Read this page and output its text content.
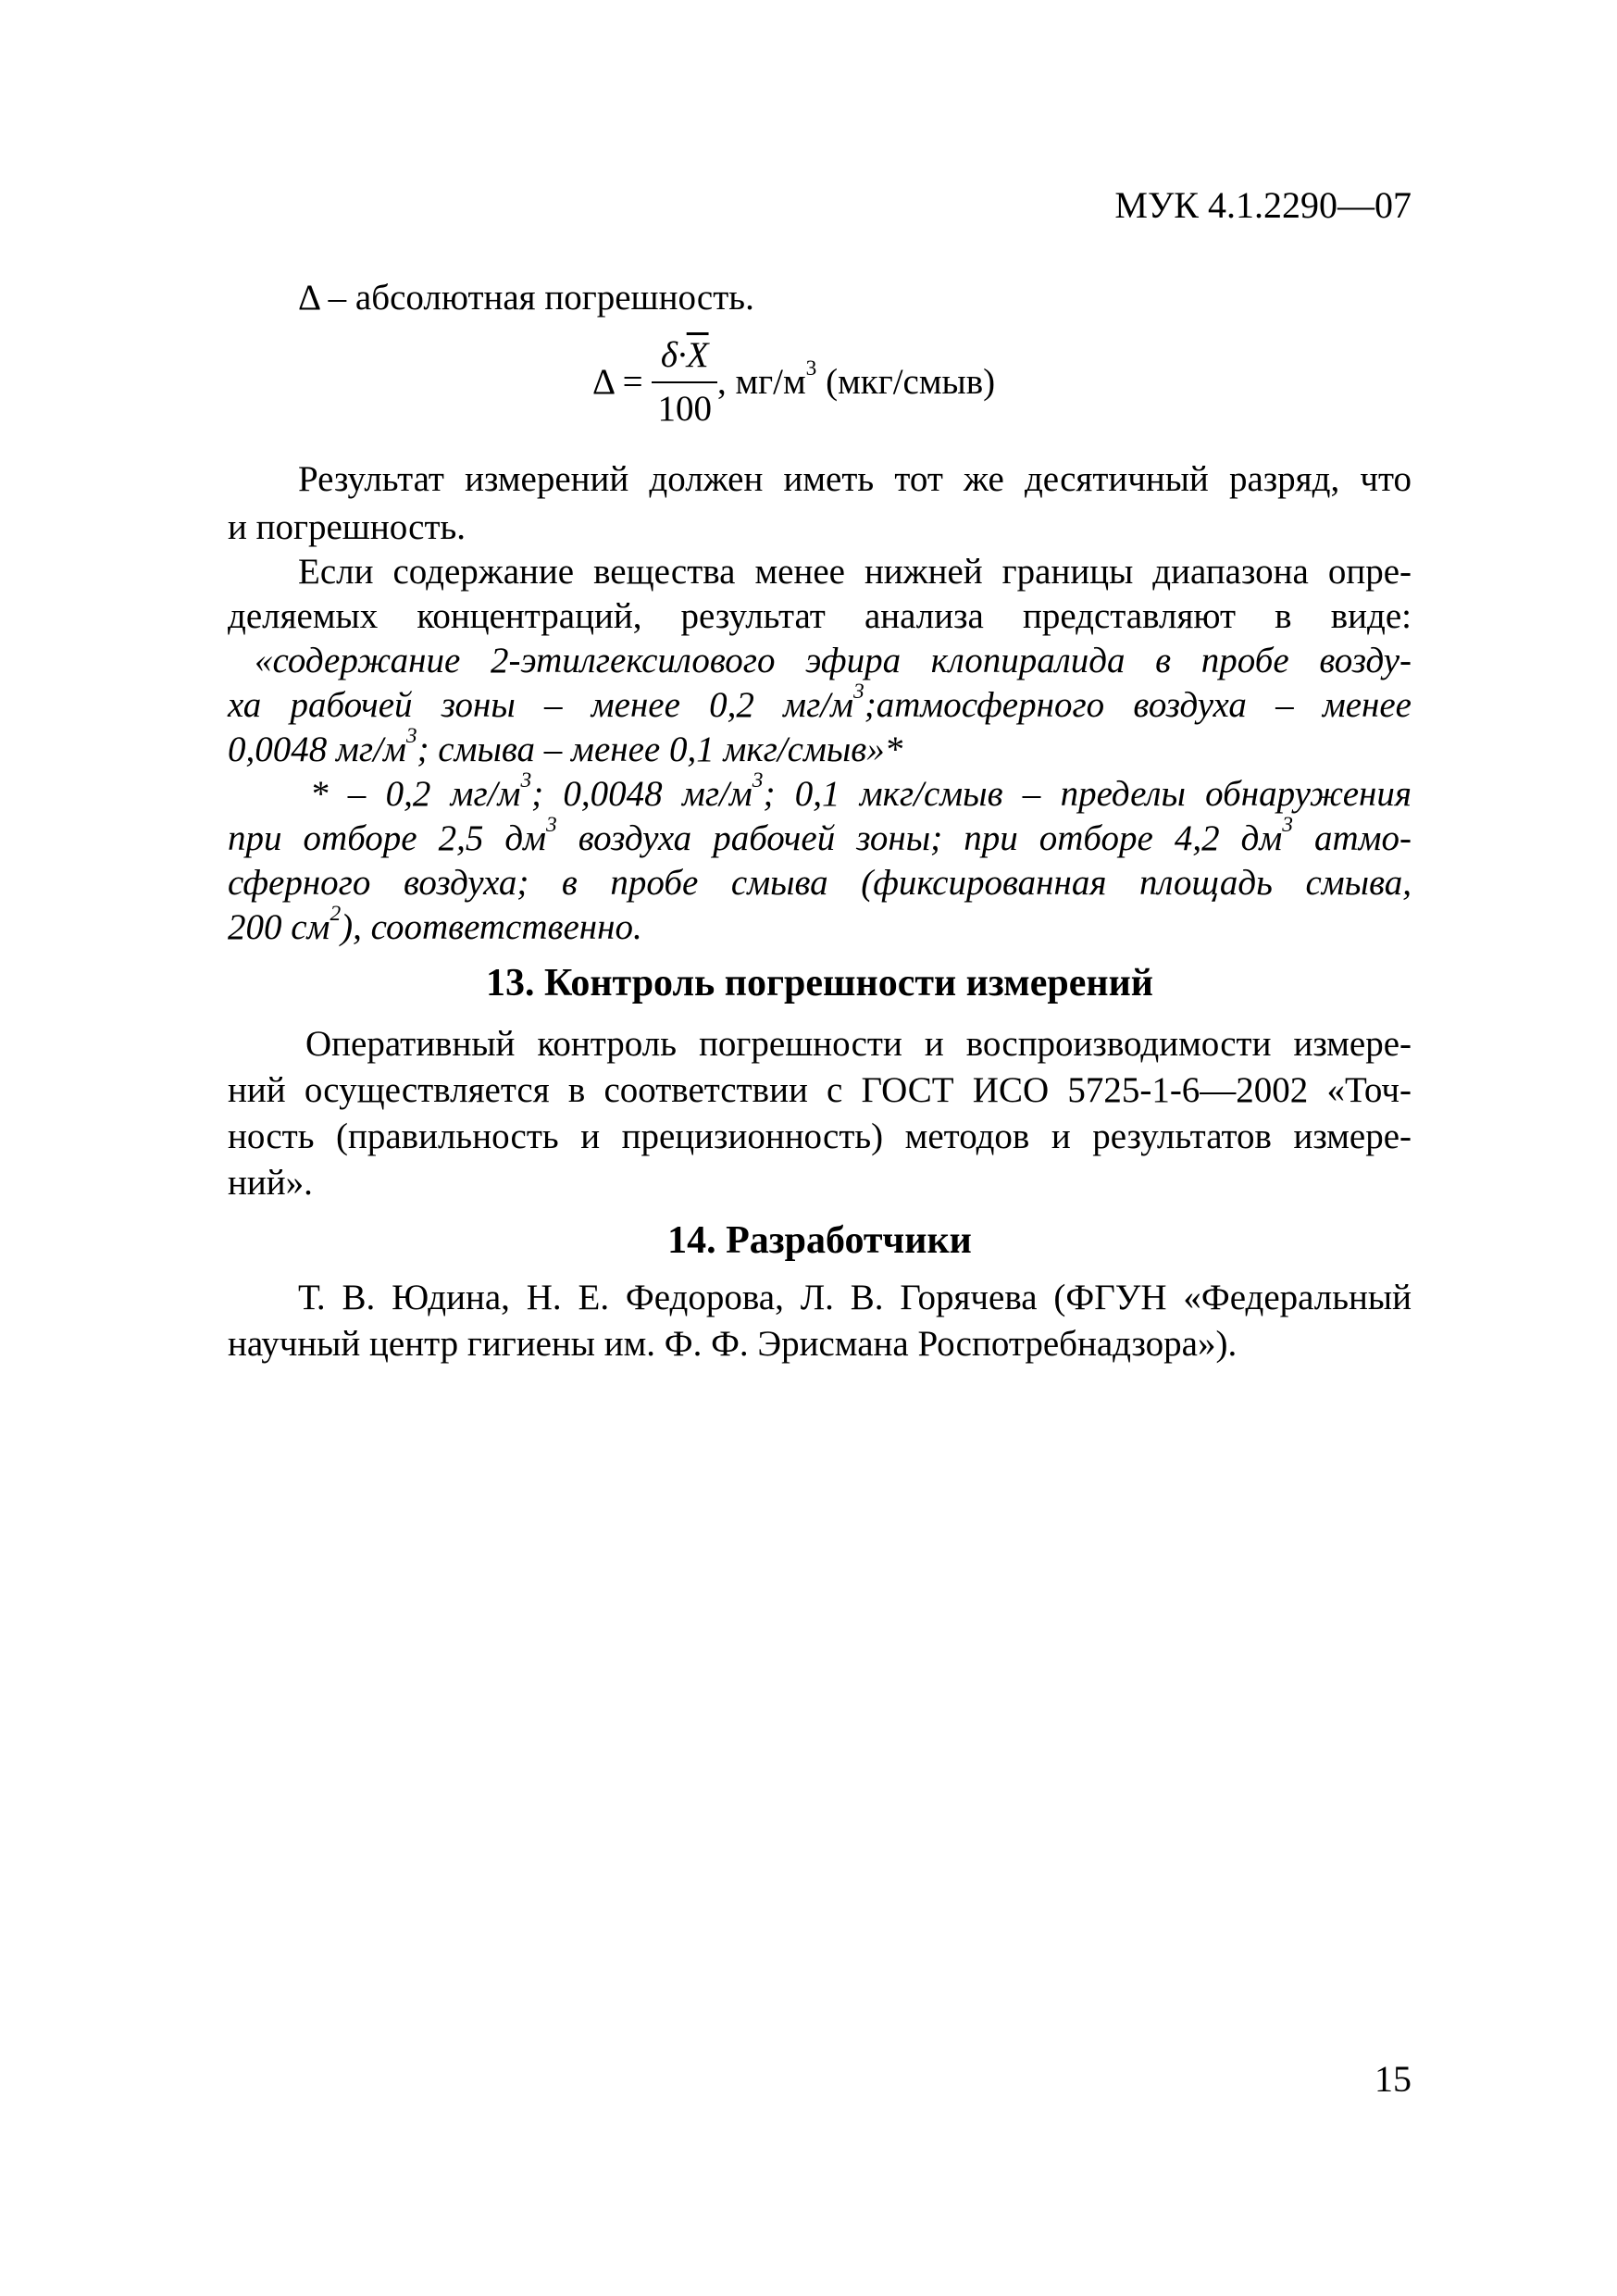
МУК 4.1.2290—07
Δ – абсолютная погрешность.
$\Delta = \frac{\delta\cdot\overline{X}}{100}$ , $мг/м^3$ (мкг/смыв)
Результат измерений должен иметь тот же десятичный разряд, что
и погрешность.
Если содержание вещества менее нижней границы диапазона опре-
деляемых концентраций, результат анализа представляют в виде:
«содержание 2-этилгексилового эфира клопиралида в пробе возду-
ха рабочей зоны – менее 0,2 $мг/м^3;атмосферного$ воздуха – менее
0,0048 $мг/м^3$; смыва – менее 0,1 мкг/смыв»*
* – 0,2 $мг/м^3$; 0,0048 $мг/м^3$; 0,1 мкг/смыв – пределы обнаружения
при отборе 2,5 $дм^3$ воздуха рабочей зоны; при отборе 4,2 $дм^3$ атмо-
сферного воздуха; в пробе смыва (фиксированная площадь смыва,
200 $см^2$), соответственно.
13. Контроль погрешности измерений
Оперативный контроль погрешности и воспроизводимости измере-
ний осуществляется в соответствии с ГОСТ ИСО 5725-1-6—2002 «Точ-
ность (правильность и прецизионность) методов и результатов измере-
ний».
14. Разработчики
Т. В. Юдина, Н. Е. Федорова, Л. В. Горячева (ФГУН «Федеральный
научный центр гигиены им. Ф. Ф. Эрисмана Роспотребнадзора»).
15
